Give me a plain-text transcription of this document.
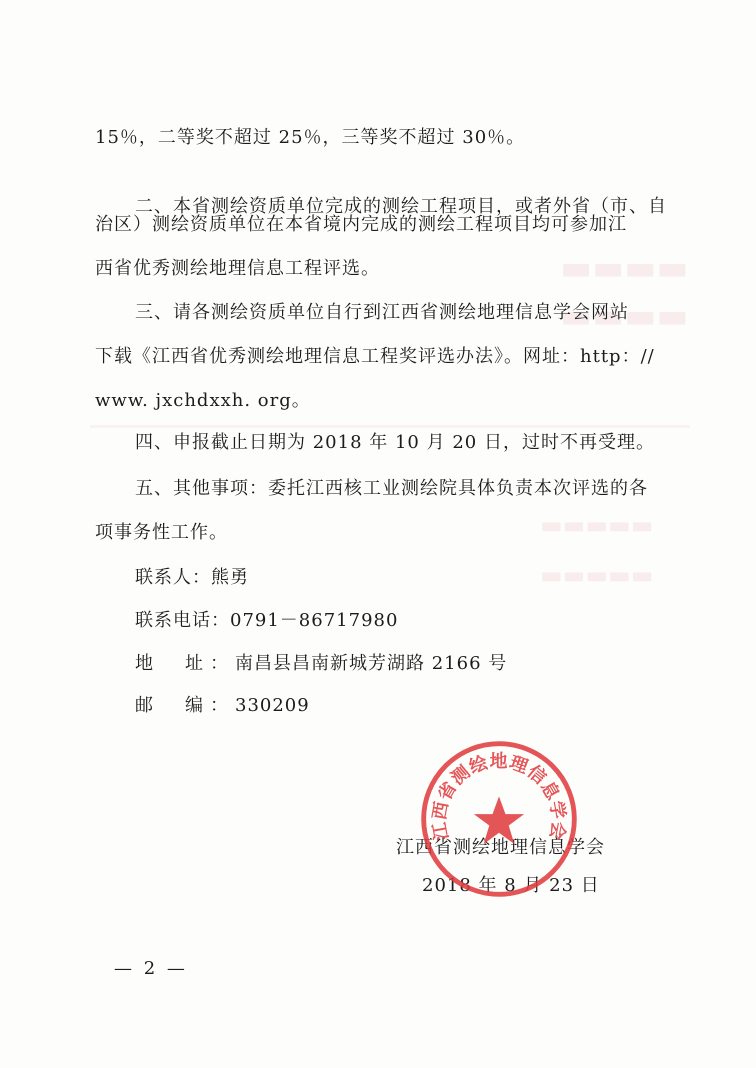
▬▬▬▬
▬▬▬▬
▬▬▬▬▬
▬▬▬▬▬
15％，二等奖不超过 25％，三等奖不超过 30％。
二、本省测绘资质单位完成的测绘工程项目，或者外省（市、自
治区）测绘资质单位在本省境内完成的测绘工程项目均可参加江
西省优秀测绘地理信息工程评选。
三、请各测绘资质单位自行到江西省测绘地理信息学会网站
下载《江西省优秀测绘地理信息工程奖评选办法》。网址：http：//
www. jxchdxxh. org。
四、申报截止日期为 2018 年 10 月 20 日，过时不再受理。
五、其他事项：委托江西核工业测绘院具体负责本次评选的各
项事务性工作。
联系人：熊勇
联系电话：0791－86717980
地　址：南昌县昌南新城芳湖路 2166 号
邮　编：330209
江西省测绘地理信息学会
2018 年 8 月 23 日
江西省测绘地理信息学会
— 2 —
